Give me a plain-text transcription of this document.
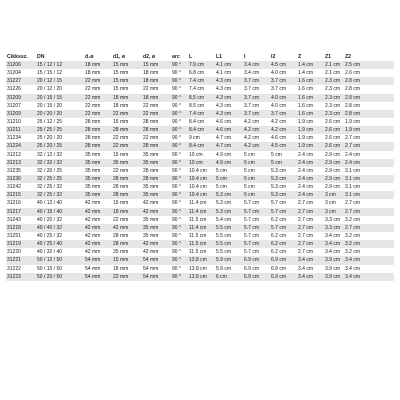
Cikkssz.	DN	d₁ø	d1, ø	d2, ø	arc	L	L1	l	l2	Z	Z1	Z2
31206	15 / 12 / 12	18 mm	15 mm	15 mm	90 °	7.9 cm	4.1 cm	3.4 cm	4.5 cm	1.4 cm	2.1 cm	2.5 cm
31204	15 / 15 / 12	18 mm	15 mm	18 mm	90 °	6.8 cm	4.1 cm	3.4 cm	4.0 cm	1.4 cm	2.1 cm	2.6 cm
31227	20 / 12 / 15	22 mm	15 mm	18 mm	90 °	7.4 cm	4.3 cm	3.7 cm	3.7 cm	1.6 cm	2.3 cm	2.8 cm
31226	20 / 12 / 20	22 mm	15 mm	22 mm	90 °	7.4 cm	4.3 cm	3.7 cm	3.7 cm	1.6 cm	2.3 cm	2.8 cm
31209	20 / 15 / 15	22 mm	18 mm	18 mm	90 °	8.5 cm	4.3 cm	3.7 cm	4.0 cm	1.6 cm	2.3 cm	2.8 cm
31207	20 / 15 / 20	22 mm	18 mm	22 mm	90 °	8.5 cm	4.3 cm	3.7 cm	4.0 cm	1.6 cm	2.3 cm	2.8 cm
31209	20 / 20 / 20	22 mm	22 mm	22 mm	90 °	7.4 cm	4.3 cm	3.7 cm	3.7 cm	1.6 cm	2.3 cm	2.8 cm
31210	25 / 12 / 25	28 mm	15 mm	28 mm	90 °	8.4 cm	4.6 cm	4.2 cm	4.2 cm	1.9 cm	2.6 cm	1.9 cm
31211	25 / 25 / 25	28 mm	28 mm	28 mm	90 °	8.4 cm	4.6 cm	4.2 cm	4.2 cm	1.9 cm	2.6 cm	1.9 cm
31234	25 / 20 / 20	28 mm	22 mm	22 mm	90 °	9 cm	4.7 cm	4.2 cm	4.6 cm	1.9 cm	2.6 cm	2.7 cm
31224	25 / 20 / 25	28 mm	22 mm	28 mm	90 °	8.4 cm	4.7 cm	4.2 cm	4.5 cm	1.9 cm	2.6 cm	2.7 cm
31212	32 / 12 / 32	35 mm	15 mm	35 mm	90 °	10 cm	4.9 cm	5 cm	5 cm	2.4 cm	2.9 cm	2.4 cm
31213	32 / 32 / 32	35 mm	35 mm	35 mm	90 °	10 cm	4.9 cm	5 cm	5 cm	2.4 cm	2.9 cm	2.4 cm
31235	32 / 20 / 25	35 mm	22 mm	28 mm	90 °	10.4 cm	5 cm	5 cm	5.3 cm	2.4 cm	2.9 cm	3.1 cm
31236	32 / 25 / 25	35 mm	28 mm	28 mm	90 °	10.4 cm	5 cm	5 cm	5.3 cm	2.4 cm	2.9 cm	3.1 cm
31242	32 / 25 / 32	35 mm	28 mm	35 mm	90 °	10.4 cm	5 cm	5 cm	5.3 cm	2.4 cm	2.9 cm	3.1 cm
31215	32 / 25 / 32	35 mm	28 mm	35 mm	90 °	10.4 cm	5.3 cm	5 cm	5.3 cm	2.4 cm	3 cm	3.1 cm
31216	40 / 12 / 40	42 mm	15 mm	42 mm	90 °	11.4 cm	5.3 cm	5.7 cm	5.7 cm	2.7 cm	3 cm	2.7 cm
31217	40 / 15 / 40	42 mm	18 mm	42 mm	90 °	11.4 cm	5.3 cm	5.7 cm	5.7 cm	2.7 cm	3 cm	2.7 cm
31243	40 / 20 / 32	42 mm	22 mm	35 mm	90 °	11.5 cm	5.4 cm	5.7 cm	6.2 cm	2.7 cm	3.3 cm	3.2 cm
31218	40 / 40 / 32	42 mm	42 mm	35 mm	90 °	11.4 cm	5.5 cm	5.7 cm	5.7 cm	2.7 cm	3.3 cm	2.7 cm
31251	40 / 25 / 32	42 mm	28 mm	35 mm	90 °	11.5 cm	5.5 cm	5.7 cm	6.2 cm	2.7 cm	3.4 cm	3.2 cm
31219	40 / 25 / 40	42 mm	28 mm	42 mm	90 °	11.5 cm	5.5 cm	5.7 cm	6.2 cm	2.7 cm	3.4 cm	3.2 cm
31220	40 / 32 / 40	42 mm	35 mm	42 mm	90 °	11.5 cm	5.5 cm	5.7 cm	6.2 cm	2.7 cm	3.4 cm	3.2 cm
31221	50 / 12 / 50	54 mm	15 mm	54 mm	90 °	13.8 cm	5.9 cm	6.9 cm	6.9 cm	3.4 cm	3.9 cm	3.4 cm
31222	50 / 15 / 50	54 mm	18 mm	54 mm	90 °	13.8 cm	5.9 cm	6.9 cm	6.9 cm	3.4 cm	3.9 cm	3.4 cm
31223	50 / 20 / 50	54 mm	22 mm	54 mm	90 °	13.8 cm	6 cm	6.9 cm	6.9 cm	3.4 cm	3.9 cm	3.4 cm
